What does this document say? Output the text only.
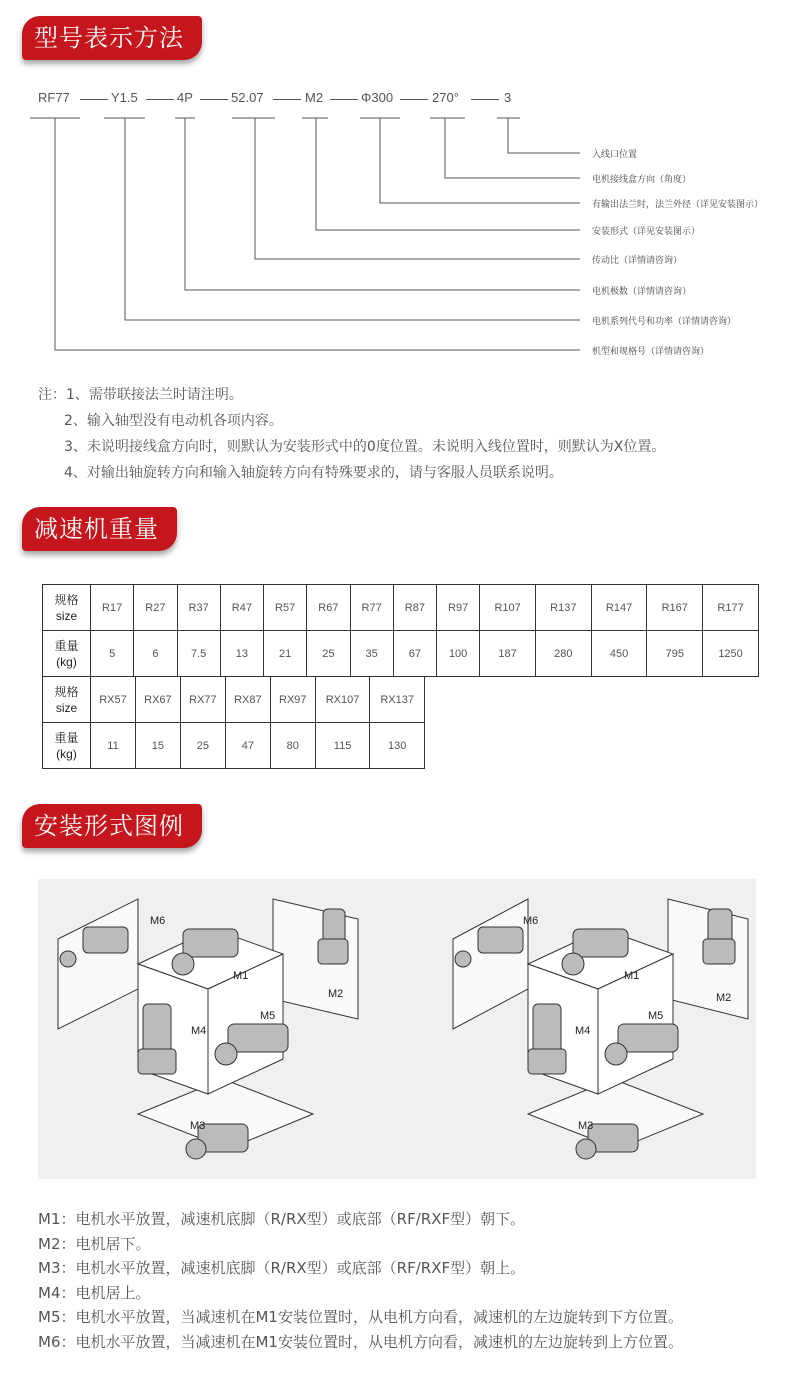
型号表示方法
RF77	Y1.5	4P	52.07	M2	Φ300	270°	3
入线口位置
电机接线盒方向（角度）
有输出法兰时，法兰外径（详见安装图示）
安装形式（详见安装图示）
传动比（详情请咨询）
电机极数（详情请咨询）
电机系列代号和功率（详情请咨询）
机型和规格号（详情请咨询）
注：1、需带联接法兰时请注明。
2、输入轴型没有电动机各项内容。
3、未说明接线盒方向时，则默认为安装形式中的0度位置。未说明入线位置时，则默认为X位置。
4、对输出轴旋转方向和输入轴旋转方向有特殊要求的，请与客服人员联系说明。
减速机重量
规格
size	R17	R27	R37	R47	R57	R67	R77	R87	R97	R107	R137	R147	R167	R177
重量
(kg)	5	6	7.5	13	21	25	35	67	100	187	280	450	795	1250
规格
size	RX57	RX67	RX77	RX87	RX97	RX107	RX137
重量
(kg)	11	15	25	47	80	115	130
安装形式图例
M6
M1
M2
M4
M5
M3
M6
M1
M2
M4
M5
M3
M1：电机水平放置，减速机底脚（R/RX型）或底部（RF/RXF型）朝下。
M2：电机居下。
M3：电机水平放置，减速机底脚（R/RX型）或底部（RF/RXF型）朝上。
M4：电机居上。
M5：电机水平放置，当减速机在M1安装位置时，从电机方向看，减速机的左边旋转到下方位置。
M6：电机水平放置，当减速机在M1安装位置时，从电机方向看，减速机的左边旋转到上方位置。
